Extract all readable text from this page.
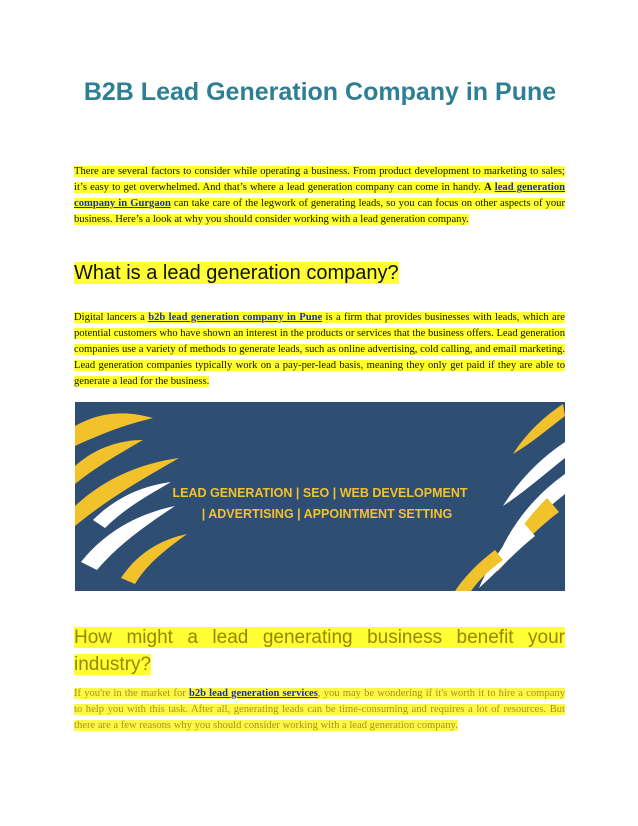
B2B Lead Generation Company in Pune

There are several factors to consider while operating a business. From product development to marketing to sales; it’s easy to get overwhelmed. And that’s where a lead generation company can come in handy. A lead generation company in Gurgaon can take care of the legwork of generating leads, so you can focus on other aspects of your business. Here’s a look at why you should consider working with a lead generation company.

What is a lead generation company?

Digital lancers a b2b lead generation company in Pune is a firm that provides businesses with leads, which are potential customers who have shown an interest in the products or services that the business offers. Lead generation companies use a variety of methods to generate leads, such as online advertising, cold calling, and email marketing. Lead generation companies typically work on a pay-per-lead basis, meaning they only get paid if they are able to generate a lead for the business.

LEAD GENERATION | SEO | WEB DEVELOPMENT
| ADVERTISING | APPOINTMENT SETTING
How might a lead generating business benefit your industry?

If you're in the market for b2b lead generation services, you may be wondering if it's worth it to hire a company to help you with this task. After all, generating leads can be time-consuming and requires a lot of resources. But there are a few reasons why you should consider working with a lead generation company.
